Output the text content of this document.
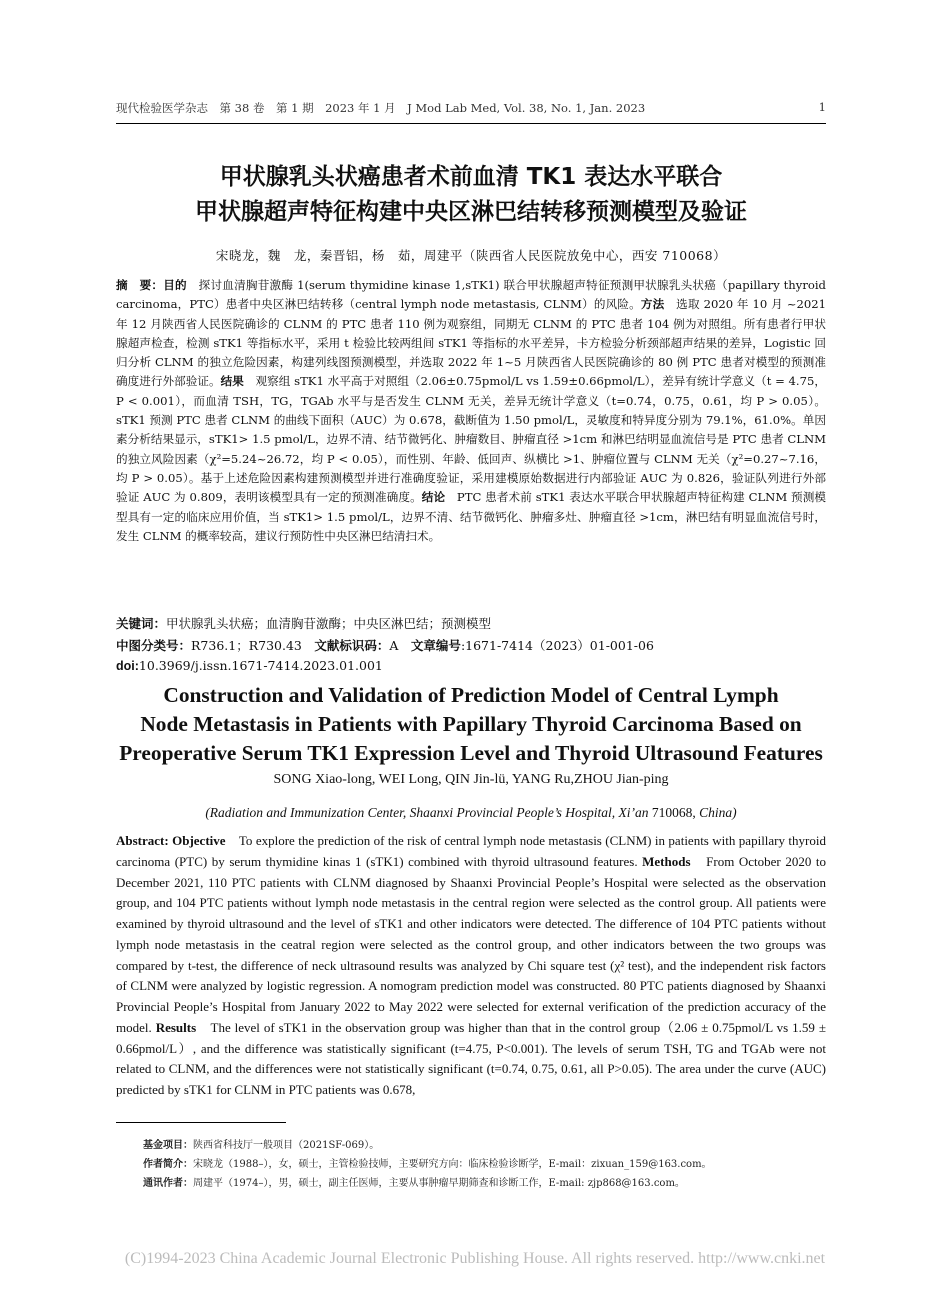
现代检验医学杂志　第 38 卷　第 1 期　2023 年 1 月　J Mod Lab Med, Vol. 38, No. 1, Jan. 2023	1
甲状腺乳头状癌患者术前血清 TK1 表达水平联合
甲状腺超声特征构建中央区淋巴结转移预测模型及验证
宋晓龙，魏　龙，秦晋铝，杨　茹，周建平（陕西省人民医院放免中心，西安 710068）
摘　要：目的　探讨血清胸苷激酶 1(serum thymidine kinase 1,sTK1) 联合甲状腺超声特征预测甲状腺乳头状癌（papillary thyroid carcinoma，PTC）患者中央区淋巴结转移（central lymph node metastasis, CLNM）的风险。方法　选取 2020 年 10 月 ~2021 年 12 月陕西省人民医院确诊的 CLNM 的 PTC 患者 110 例为观察组，同期无 CLNM 的 PTC 患者 104 例为对照组。所有患者行甲状腺超声检查，检测 sTK1 等指标水平，采用 t 检验比较两组间 sTK1 等指标的水平差异，卡方检验分析颈部超声结果的差异，Logistic 回归分析 CLNM 的独立危险因素，构建列线图预测模型，并选取 2022 年 1~5 月陕西省人民医院确诊的 80 例 PTC 患者对模型的预测准确度进行外部验证。结果　观察组 sTK1 水平高于对照组（2.06±0.75pmol/L vs 1.59±0.66pmol/L），差异有统计学意义（t = 4.75，P < 0.001），而血清 TSH，TG，TGAb 水平与是否发生 CLNM 无关，差异无统计学意义（t=0.74，0.75，0.61，均 P > 0.05）。sTK1 预测 PTC 患者 CLNM 的曲线下面积（AUC）为 0.678，截断值为 1.50 pmol/L，灵敏度和特异度分别为 79.1%，61.0%。单因素分析结果显示，sTK1> 1.5 pmol/L，边界不清、结节微钙化、肿瘤数目、肿瘤直径 >1cm 和淋巴结明显血流信号是 PTC 患者 CLNM 的独立风险因素（χ²=5.24~26.72，均 P < 0.05），而性别、年龄、低回声、纵横比 >1、肿瘤位置与 CLNM 无关（χ²=0.27~7.16，均 P > 0.05）。基于上述危险因素构建预测模型并进行准确度验证，采用建模原始数据进行内部验证 AUC 为 0.826，验证队列进行外部验证 AUC 为 0.809，表明该模型具有一定的预测准确度。结论　PTC 患者术前 sTK1 表达水平联合甲状腺超声特征构建 CLNM 预测模型具有一定的临床应用价值，当 sTK1> 1.5 pmol/L，边界不清、结节微钙化、肿瘤多灶、肿瘤直径 >1cm，淋巴结有明显血流信号时，发生 CLNM 的概率较高，建议行预防性中央区淋巴结清扫术。
关键词：甲状腺乳头状癌；血清胸苷激酶；中央区淋巴结；预测模型
中图分类号：R736.1；R730.43　文献标识码：A　文章编号:1671-7414（2023）01-001-06
doi:10.3969/j.issn.1671-7414.2023.01.001
Construction and Validation of Prediction Model of Central Lymph
Node Metastasis in Patients with Papillary Thyroid Carcinoma Based on
Preoperative Serum TK1 Expression Level and Thyroid Ultrasound Features
SONG Xiao-long, WEI Long, QIN Jin-lü, YANG Ru,ZHOU Jian-ping
(Radiation and Immunization Center, Shaanxi Provincial People’s Hospital, Xi’an 710068, China)
Abstract: Objective　To explore the prediction of the risk of central lymph node metastasis (CLNM) in patients with papillary thyroid carcinoma (PTC) by serum thymidine kinas 1 (sTK1) combined with thyroid ultrasound features. Methods　From October 2020 to December 2021, 110 PTC patients with CLNM diagnosed by Shaanxi Provincial People’s Hospital were selected as the observation group, and 104 PTC patients without lymph node metastasis in the central region were selected as the control group. All patients were examined by thyroid ultrasound and the level of sTK1 and other indicators were detected. The difference of 104 PTC patients without lymph node metastasis in the ceatral region were selected as the control group, and other indicators between the two groups was compared by t-test, the difference of neck ultrasound results was analyzed by Chi square test (χ² test), and the independent risk factors of CLNM were analyzed by logistic regression. A nomogram prediction model was constructed. 80 PTC patients diagnosed by Shaanxi Provincial People’s Hospital from January 2022 to May 2022 were selected for external verification of the prediction accuracy of the model. Results　The level of sTK1 in the observation group was higher than that in the control group（2.06 ± 0.75pmol/L vs 1.59 ± 0.66pmol/L）, and the difference was statistically significant (t=4.75, P<0.001). The levels of serum TSH, TG and TGAb were not related to CLNM, and the differences were not statistically significant (t=0.74, 0.75, 0.61, all P>0.05). The area under the curve (AUC) predicted by sTK1 for CLNM in PTC patients was 0.678,
基金项目：陕西省科技厅一般项目（2021SF-069）。
作者简介：宋晓龙（1988–），女，硕士，主管检验技师，主要研究方向：临床检验诊断学，E-mail：zixuan_159@163.com。
通讯作者：周建平（1974–），男，硕士，副主任医师，主要从事肿瘤早期筛查和诊断工作，E-mail: zjp868@163.com。
(C)1994-2023 China Academic Journal Electronic Publishing House. All rights reserved. http://www.cnki.net
